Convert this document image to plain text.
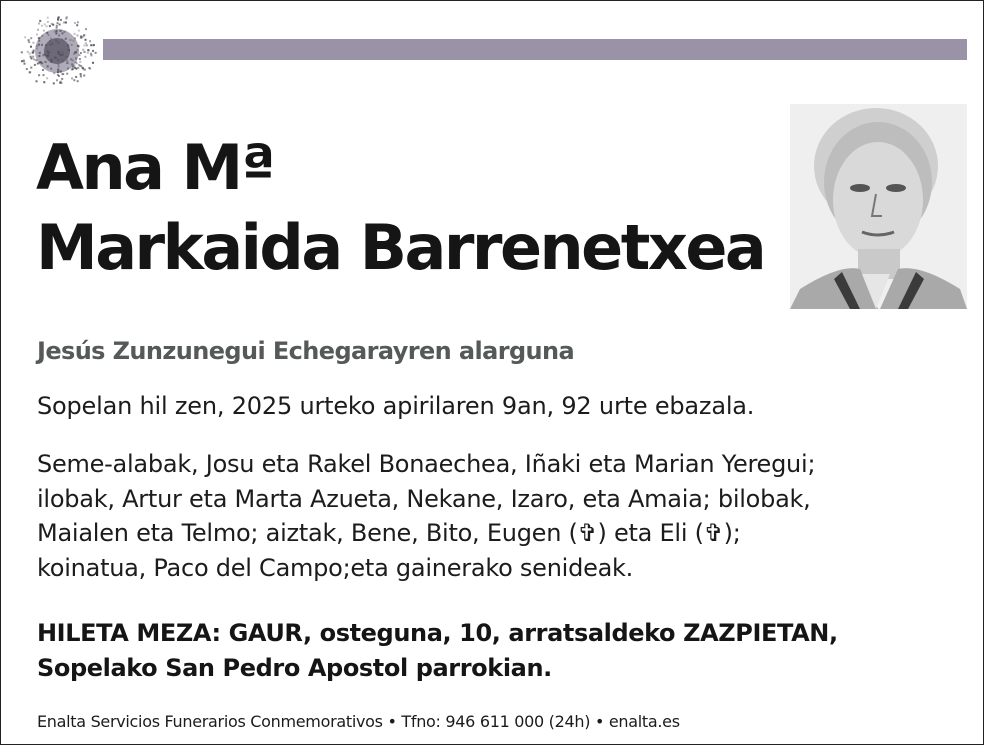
Ana Mª
Markaida Barrenetxea
Jesús Zunzunegui Echegarayren alarguna
Sopelan hil zen, 2025 urteko apirilaren 9an, 92 urte ebazala.

Seme-alabak, Josu eta Rakel Bonaechea, Iñaki eta Marian Yeregui;

ilobak, Artur eta Marta Azueta, Nekane, Izaro, eta Amaia; bilobak,

Maialen eta Telmo; aiztak, Bene, Bito, Eugen (✞) eta Eli (✞);

koinatua, Paco del Campo;eta gainerako senideak.

HILETA MEZA: GAUR, osteguna, 10, arratsaldeko ZAZPIETAN,

Sopelako San Pedro Apostol parrokian.

Enalta Servicios Funerarios Conmemorativos • Tfno: 946 611 000 (24h) • enalta.es
